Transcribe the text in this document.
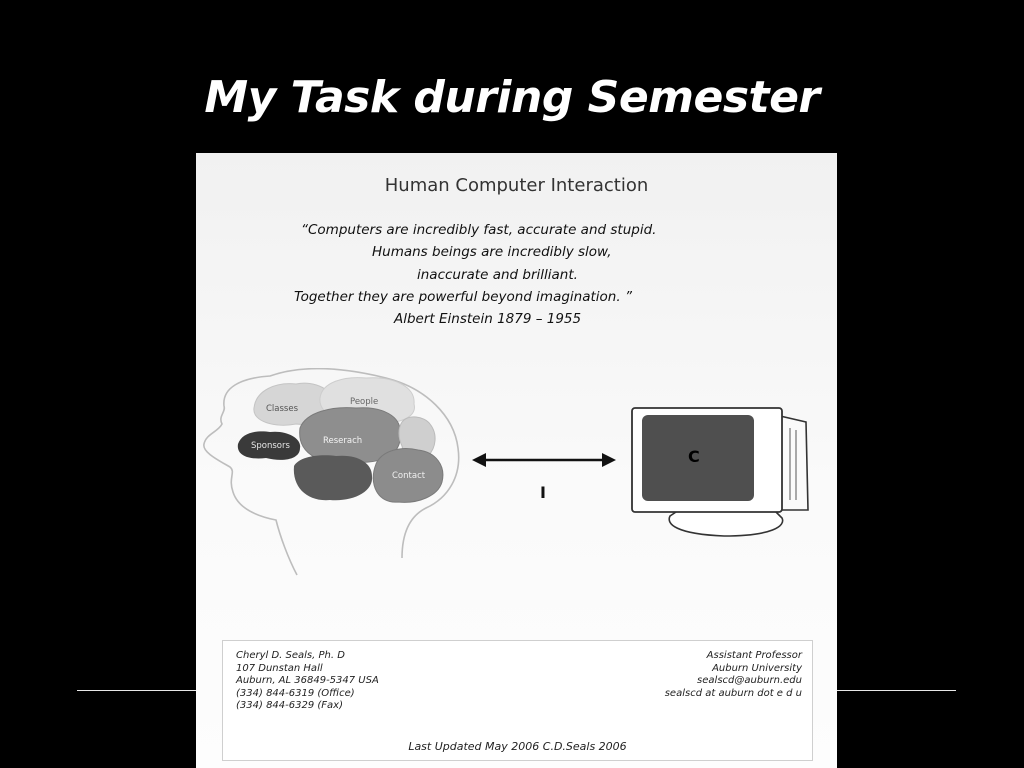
My Task during Semester
Human Computer Interaction
“Computers are incredibly fast, accurate and stupid.
Humans beings are incredibly slow,
inaccurate and brilliant.
Together they are powerful beyond imagination. ”
Albert Einstein 1879 – 1955
Classes
People
Sponsors	Reserach
Contact
I
C
Cheryl D. Seals, Ph. D
107 Dunstan Hall
Auburn, AL 36849-5347 USA
(334) 844-6319 (Office)
(334) 844-6329 (Fax)
Assistant Professor
Auburn University
sealscd@auburn.edu
sealscd at auburn dot e d u
Last Updated May 2006 C.D.Seals 2006
